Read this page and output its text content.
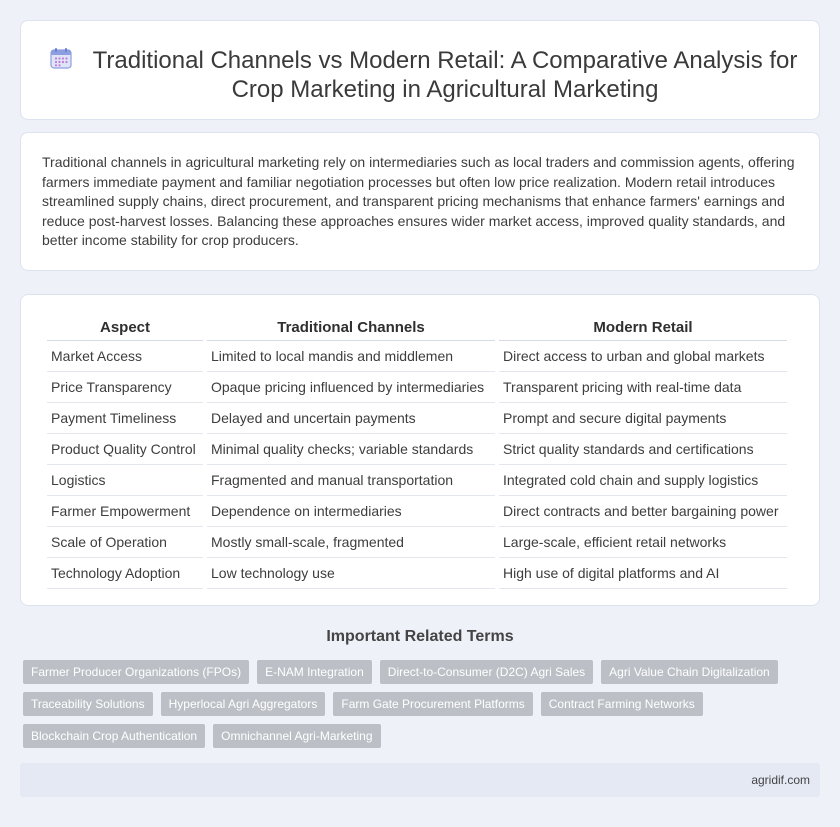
Traditional Channels vs Modern Retail: A Comparative Analysis for Crop Marketing in Agricultural Marketing

Traditional channels in agricultural marketing rely on intermediaries such as local traders and commission agents, offering farmers immediate payment and familiar negotiation processes but often low price realization. Modern retail introduces streamlined supply chains, direct procurement, and transparent pricing mechanisms that enhance farmers' earnings and reduce post-harvest losses. Balancing these approaches ensures wider market access, improved quality standards, and better income stability for crop producers.

Aspect	Traditional Channels	Modern Retail
Market Access	Limited to local mandis and middlemen	Direct access to urban and global markets
Price Transparency	Opaque pricing influenced by intermediaries	Transparent pricing with real-time data
Payment Timeliness	Delayed and uncertain payments	Prompt and secure digital payments
Product Quality Control	Minimal quality checks; variable standards	Strict quality standards and certifications
Logistics	Fragmented and manual transportation	Integrated cold chain and supply logistics
Farmer Empowerment	Dependence on intermediaries	Direct contracts and better bargaining power
Scale of Operation	Mostly small-scale, fragmented	Large-scale, efficient retail networks
Technology Adoption	Low technology use	High use of digital platforms and AI
Important Related Terms
Farmer Producer Organizations (FPOs)	E-NAM Integration	Direct-to-Consumer (D2C) Agri Sales	Agri Value Chain Digitalization
Traceability Solutions	Hyperlocal Agri Aggregators	Farm Gate Procurement Platforms	Contract Farming Networks
Blockchain Crop Authentication	Omnichannel Agri-Marketing
agridif.com
